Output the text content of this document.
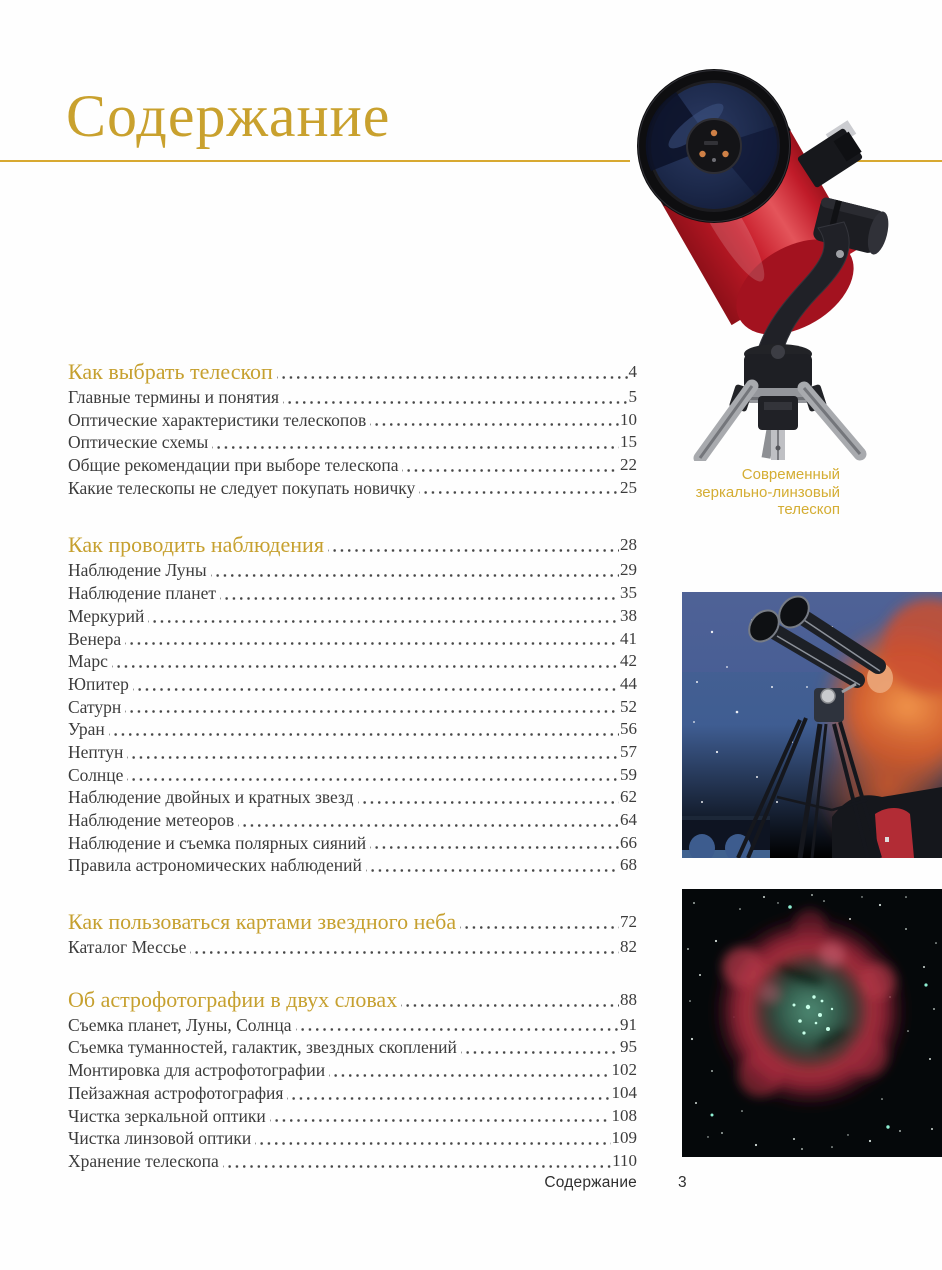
Содержание
Современный
зеркально-линзовый
телескоп
Как выбрать телескоп	4
Главные термины и понятия	5
Оптические характеристики телескопов	10
Оптические схемы	15
Общие рекомендации при выборе телескопа	22
Какие телескопы не следует покупать новичку	25
Как проводить наблюдения	28
Наблюдение Луны	29
Наблюдение планет	35
Меркурий	38
Венера	41
Марс	42
Юпитер	44
Сатурн	52
Уран	56
Нептун	57
Солнце	59
Наблюдение двойных и кратных звезд	62
Наблюдение метеоров	64
Наблюдение и съемка полярных сияний	66
Правила астрономических наблюдений	68
Как пользоваться картами звездного неба	72
Каталог Мессье	82
Об астрофотографии в двух словах	88
Съемка планет, Луны, Солнца	91
Съемка туманностей, галактик, звездных скоплений	95
Монтировка для астрофотографии	102
Пейзажная астрофотография	104
Чистка зеркальной оптики	108
Чистка линзовой оптики	109
Хранение телескопа	110
Содержание	3
